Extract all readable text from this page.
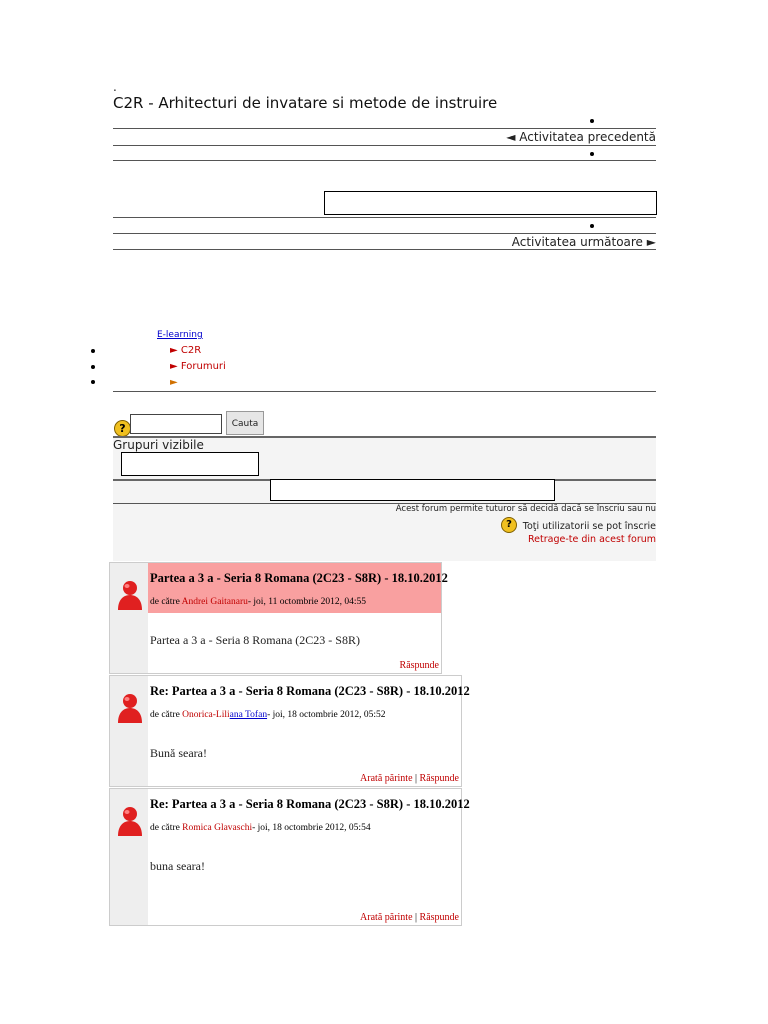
.
C2R - Arhitecturi de invatare si metode de instruire
◄ Activitatea precedentă
Activitatea următoare ►
E-learning
► C2R
► Forumuri
►
?	Cauta
Grupuri vizibile
Acest forum permite tuturor să decidă dacă se înscriu sau nu
?	Toţi utilizatorii se pot înscrie
Retrage-te din acest forum
Partea a 3 a - Seria 8 Romana (2C23 - S8R) - 18.10.2012
de către Andrei Gaitanaru- joi, 11 octombrie 2012, 04:55
Partea a 3 a - Seria 8 Romana (2C23 - S8R)
Răspunde
Re: Partea a 3 a - Seria 8 Romana (2C23 - S8R) - 18.10.2012
de către Onorica-Liliana Tofan- joi, 18 octombrie 2012, 05:52
Bună seara!
Arată părinte | Răspunde
Re: Partea a 3 a - Seria 8 Romana (2C23 - S8R) - 18.10.2012
de către Romica Glavaschi- joi, 18 octombrie 2012, 05:54
buna seara!
Arată părinte | Răspunde
